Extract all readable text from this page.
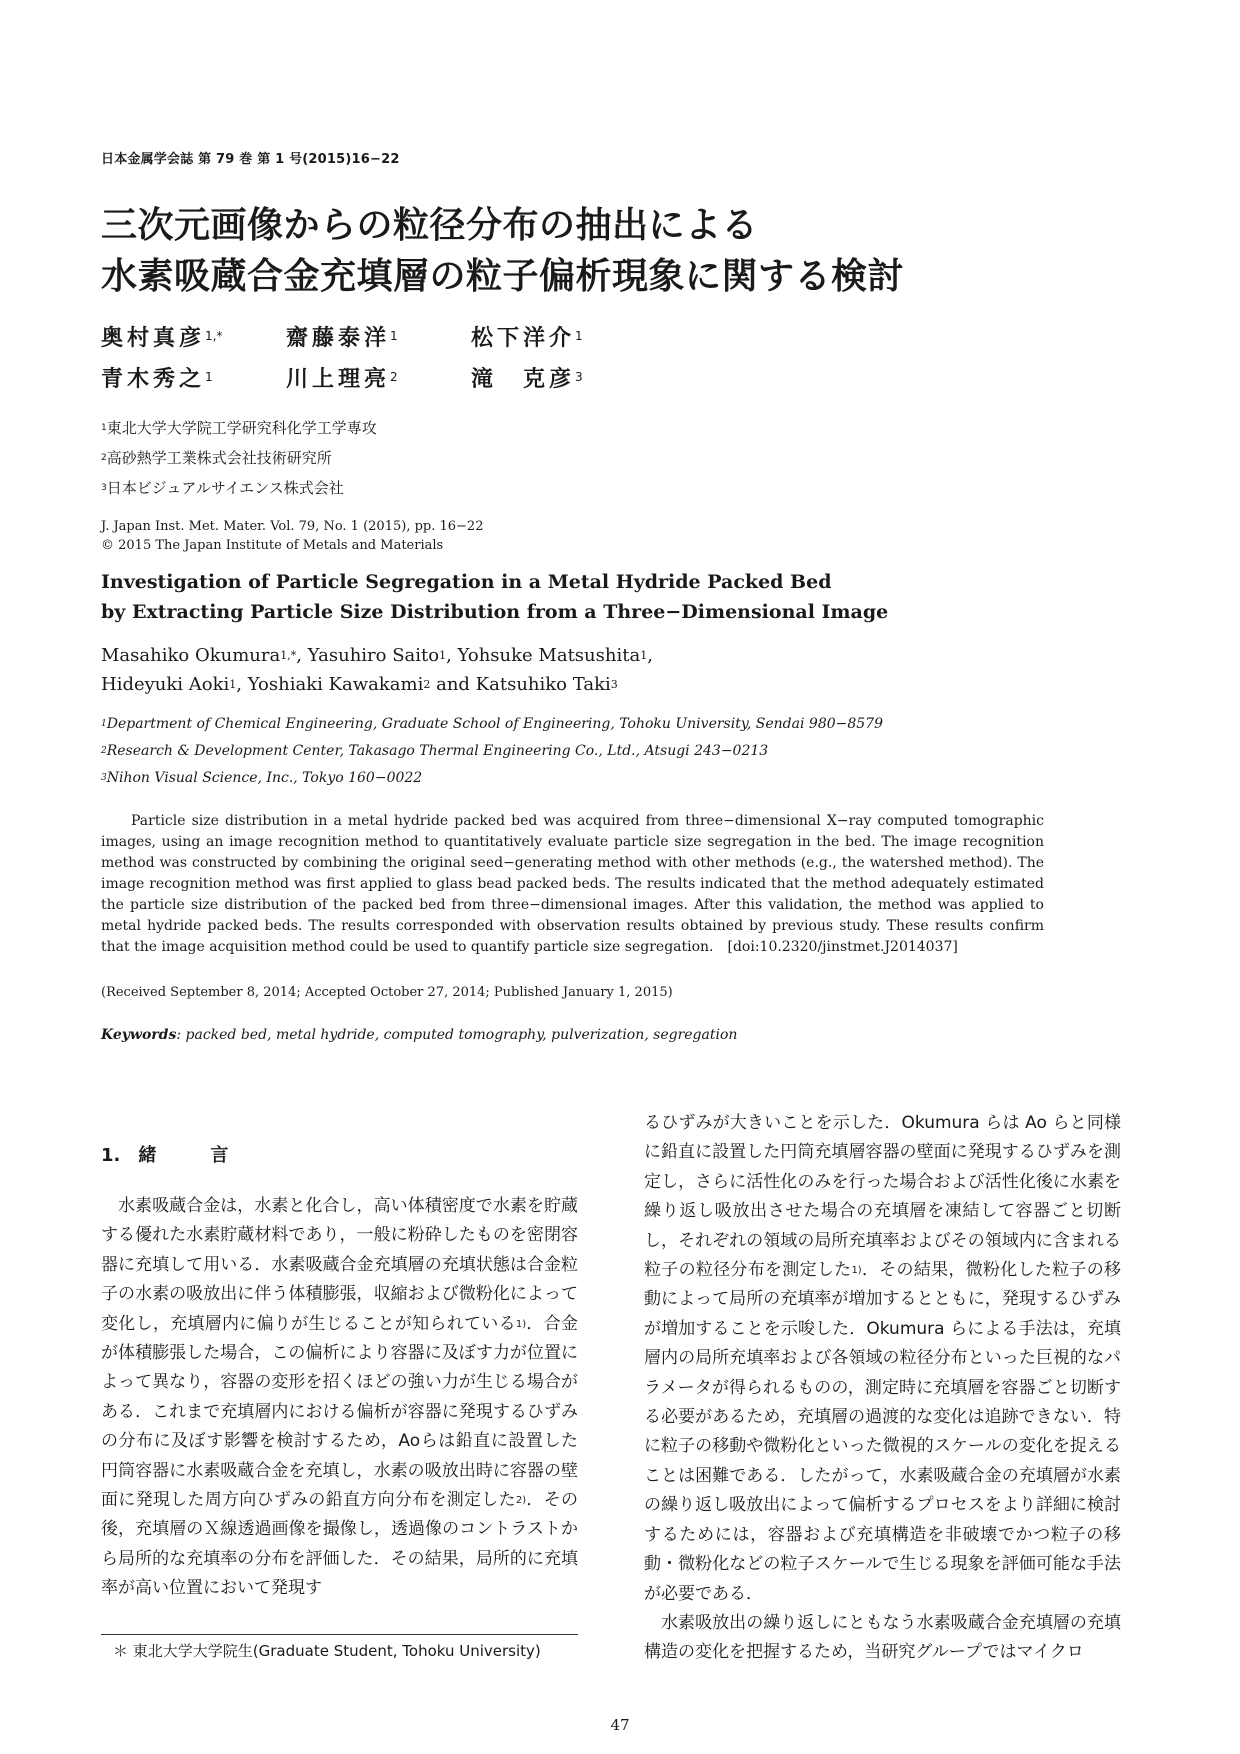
日本金属学会誌 第 79 巻 第 1 号(2015)16−22
三次元画像からの粒径分布の抽出による
水素吸蔵合金充填層の粒子偏析現象に関する検討
奥村真彦$^{1,*}$	齋藤泰洋$^1$	松下洋介$^1$
青木秀之$^1$	川上理亮$^2$	滝　克彦$^3$
$^1$東北大学大学院工学研究科化学工学専攻
$^2$高砂熱学工業株式会社技術研究所
$^3$日本ビジュアルサイエンス株式会社
J. Japan Inst. Met. Mater. Vol. 79, No. 1 (2015), pp. 16−22
© 2015 The Japan Institute of Metals and Materials
Investigation of Particle Segregation in a Metal Hydride Packed Bed
by Extracting Particle Size Distribution from a Three−Dimensional Image
Masahiko Okumura$^{1,*}$, Yasuhiro Saito$^1$, Yohsuke Matsushita$^1$,
Hideyuki Aoki$^1$, Yoshiaki Kawakami$^2$ and Katsuhiko Taki$^3$
$^1$Department of Chemical Engineering, Graduate School of Engineering, Tohoku University, Sendai 980−8579
$^2$Research & Development Center, Takasago Thermal Engineering Co., Ltd., Atsugi 243−0213
$^3$Nihon Visual Science, Inc., Tokyo 160−0022
Particle size distribution in a metal hydride packed bed was acquired from three−dimensional X−ray computed tomographic images, using an image recognition method to quantitatively evaluate particle size segregation in the bed. The image recognition method was constructed by combining the original seed−generating method with other methods (e.g., the watershed method). The image recognition method was first applied to glass bead packed beds. The results indicated that the method adequately estimated the particle size distribution of the packed bed from three−dimensional images. After this validation, the method was applied to metal hydride packed beds. The results corresponded with observation results obtained by previous study. These results confirm that the image acquisition method could be used to quantify particle size segregation.　[doi:10.2320/jinstmet.J2014037]
(Received September 8, 2014; Accepted October 27, 2014; Published January 1, 2015)
Keywords: packed bed, metal hydride, computed tomography, pulverization, segregation
1.　緒　　　言

水素吸蔵合金は，水素と化合し，高い体積密度で水素を貯蔵する優れた水素貯蔵材料であり，一般に粉砕したものを密閉容器に充填して用いる．水素吸蔵合金充填層の充填状態は合金粒子の水素の吸放出に伴う体積膨張，収縮および微粉化によって変化し，充填層内に偏りが生じることが知られている$^{1)}$．合金が体積膨張した場合，この偏析により容器に及ぼす力が位置によって異なり，容器の変形を招くほどの強い力が生じる場合がある．これまで充填層内における偏析が容器に発現するひずみの分布に及ぼす影響を検討するため，Aoらは鉛直に設置した円筒容器に水素吸蔵合金を充填し，水素の吸放出時に容器の壁面に発現した周方向ひずみの鉛直方向分布を測定した$^{2)}$．その後，充填層のＸ線透過画像を撮像し，透過像のコントラストから局所的な充填率の分布を評価した．その結果，局所的に充填率が高い位置において発現す

るひずみが大きいことを示した．Okumura らは Ao らと同様に鉛直に設置した円筒充填層容器の壁面に発現するひずみを測定し，さらに活性化のみを行った場合および活性化後に水素を繰り返し吸放出させた場合の充填層を凍結して容器ごと切断し，それぞれの領域の局所充填率およびその領域内に含まれる粒子の粒径分布を測定した$^{1)}$．その結果，微粉化した粒子の移動によって局所の充填率が増加するとともに，発現するひずみが増加することを示唆した．Okumura らによる手法は，充填層内の局所充填率および各領域の粒径分布といった巨視的なパラメータが得られるものの，測定時に充填層を容器ごと切断する必要があるため，充填層の過渡的な変化は追跡できない．特に粒子の移動や微粉化といった微視的スケールの変化を捉えることは困難である．したがって，水素吸蔵合金の充填層が水素の繰り返し吸放出によって偏析するプロセスをより詳細に検討するためには，容器および充填構造を非破壊でかつ粒子の移動・微粉化などの粒子スケールで生じる現象を評価可能な手法が必要である．

水素吸放出の繰り返しにともなう水素吸蔵合金充填層の充填構造の変化を把握するため，当研究グループではマイクロ

＊ 東北大学大学院生(Graduate Student, Tohoku University)
47
